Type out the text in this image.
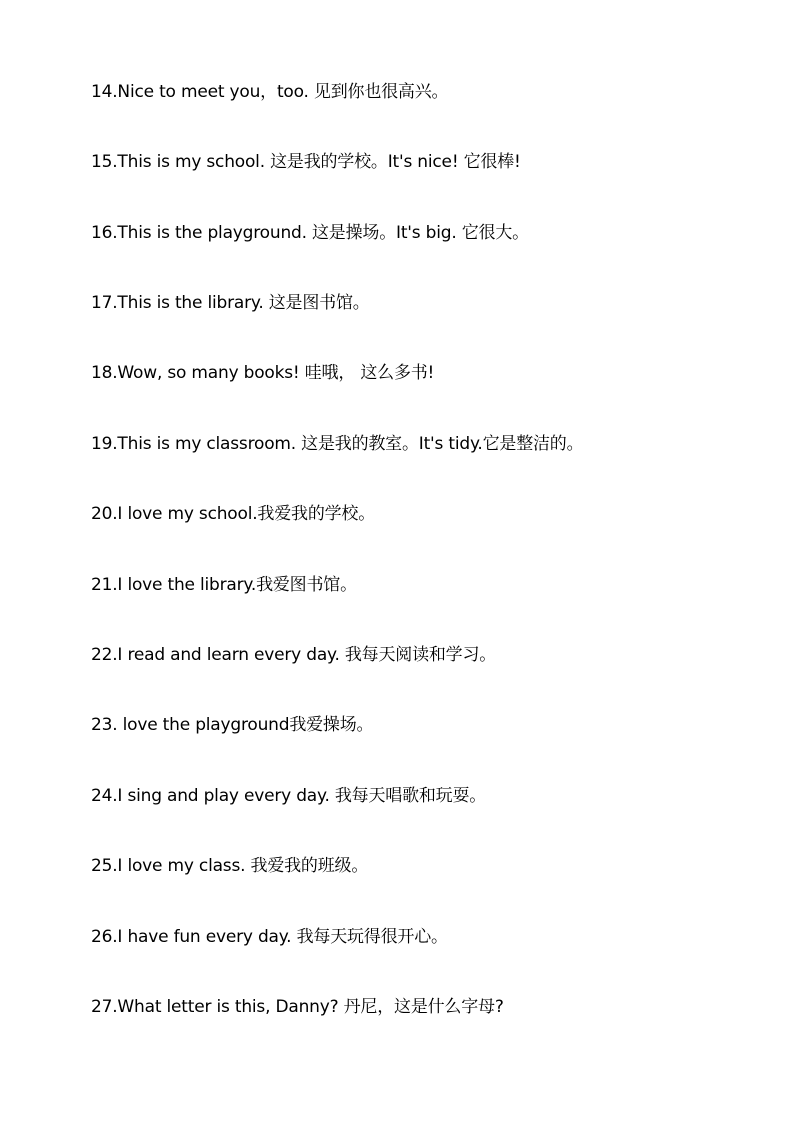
14.Nice to meet you，too. 见到你也很高兴。
15.This is my school. 这是我的学校。It's nice! 它很棒!
16.This is the playground. 这是操场。It's big. 它很大。
17.This is the library. 这是图书馆。
18.Wow, so many books! 哇哦， 这么多书!
19.This is my classroom. 这是我的教室。It's tidy.它是整洁的。
20.I love my school.我爱我的学校。
21.I love the library.我爱图书馆。
22.I read and learn every day. 我每天阅读和学习。
23. love the playground我爱操场。
24.I sing and play every day. 我每天唱歌和玩耍。
25.I love my class. 我爱我的班级。
26.I have fun every day. 我每天玩得很开心。
27.What letter is this, Danny? 丹尼，这是什么字母?
